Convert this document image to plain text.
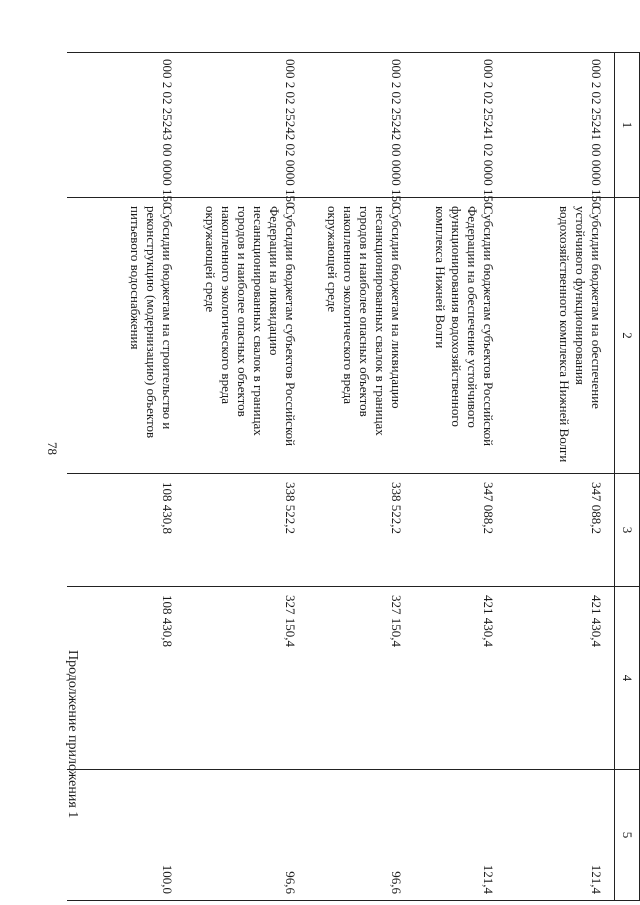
78
Продолжение приложения 1
1	2	3	4	5
000 2 02 25241 00 0000 150	Субсидии бюджетам на обеспечение устойчивого функционирования водохозяйственного комплекса Нижней Волги	347 088,2	421 430,4	121,4
000 2 02 25241 02 0000 150	Субсидии бюджетам субъектов Российской Федерации на обеспечение устойчивого функционирования водохозяйственного комплекса Нижней Волги	347 088,2	421 430,4	121,4
000 2 02 25242 00 0000 150	Субсидии бюджетам на ликвидацию несанкционированных свалок в границах городов и наиболее опасных объектов накопленного экологического вреда окружающей среде	338 522,2	327 150,4	96,6
000 2 02 25242 02 0000 150	Субсидии бюджетам субъектов Российской Федерации на ликвидацию несанкционированных свалок в границах городов и наиболее опасных объектов накопленного экологического вреда окружающей среде	338 522,2	327 150,4	96,6
000 2 02 25243 00 0000 150	Субсидии бюджетам на строительство и реконструкцию (модернизацию) объектов питьевого водоснабжения	108 430,8	108 430,8	100,0
